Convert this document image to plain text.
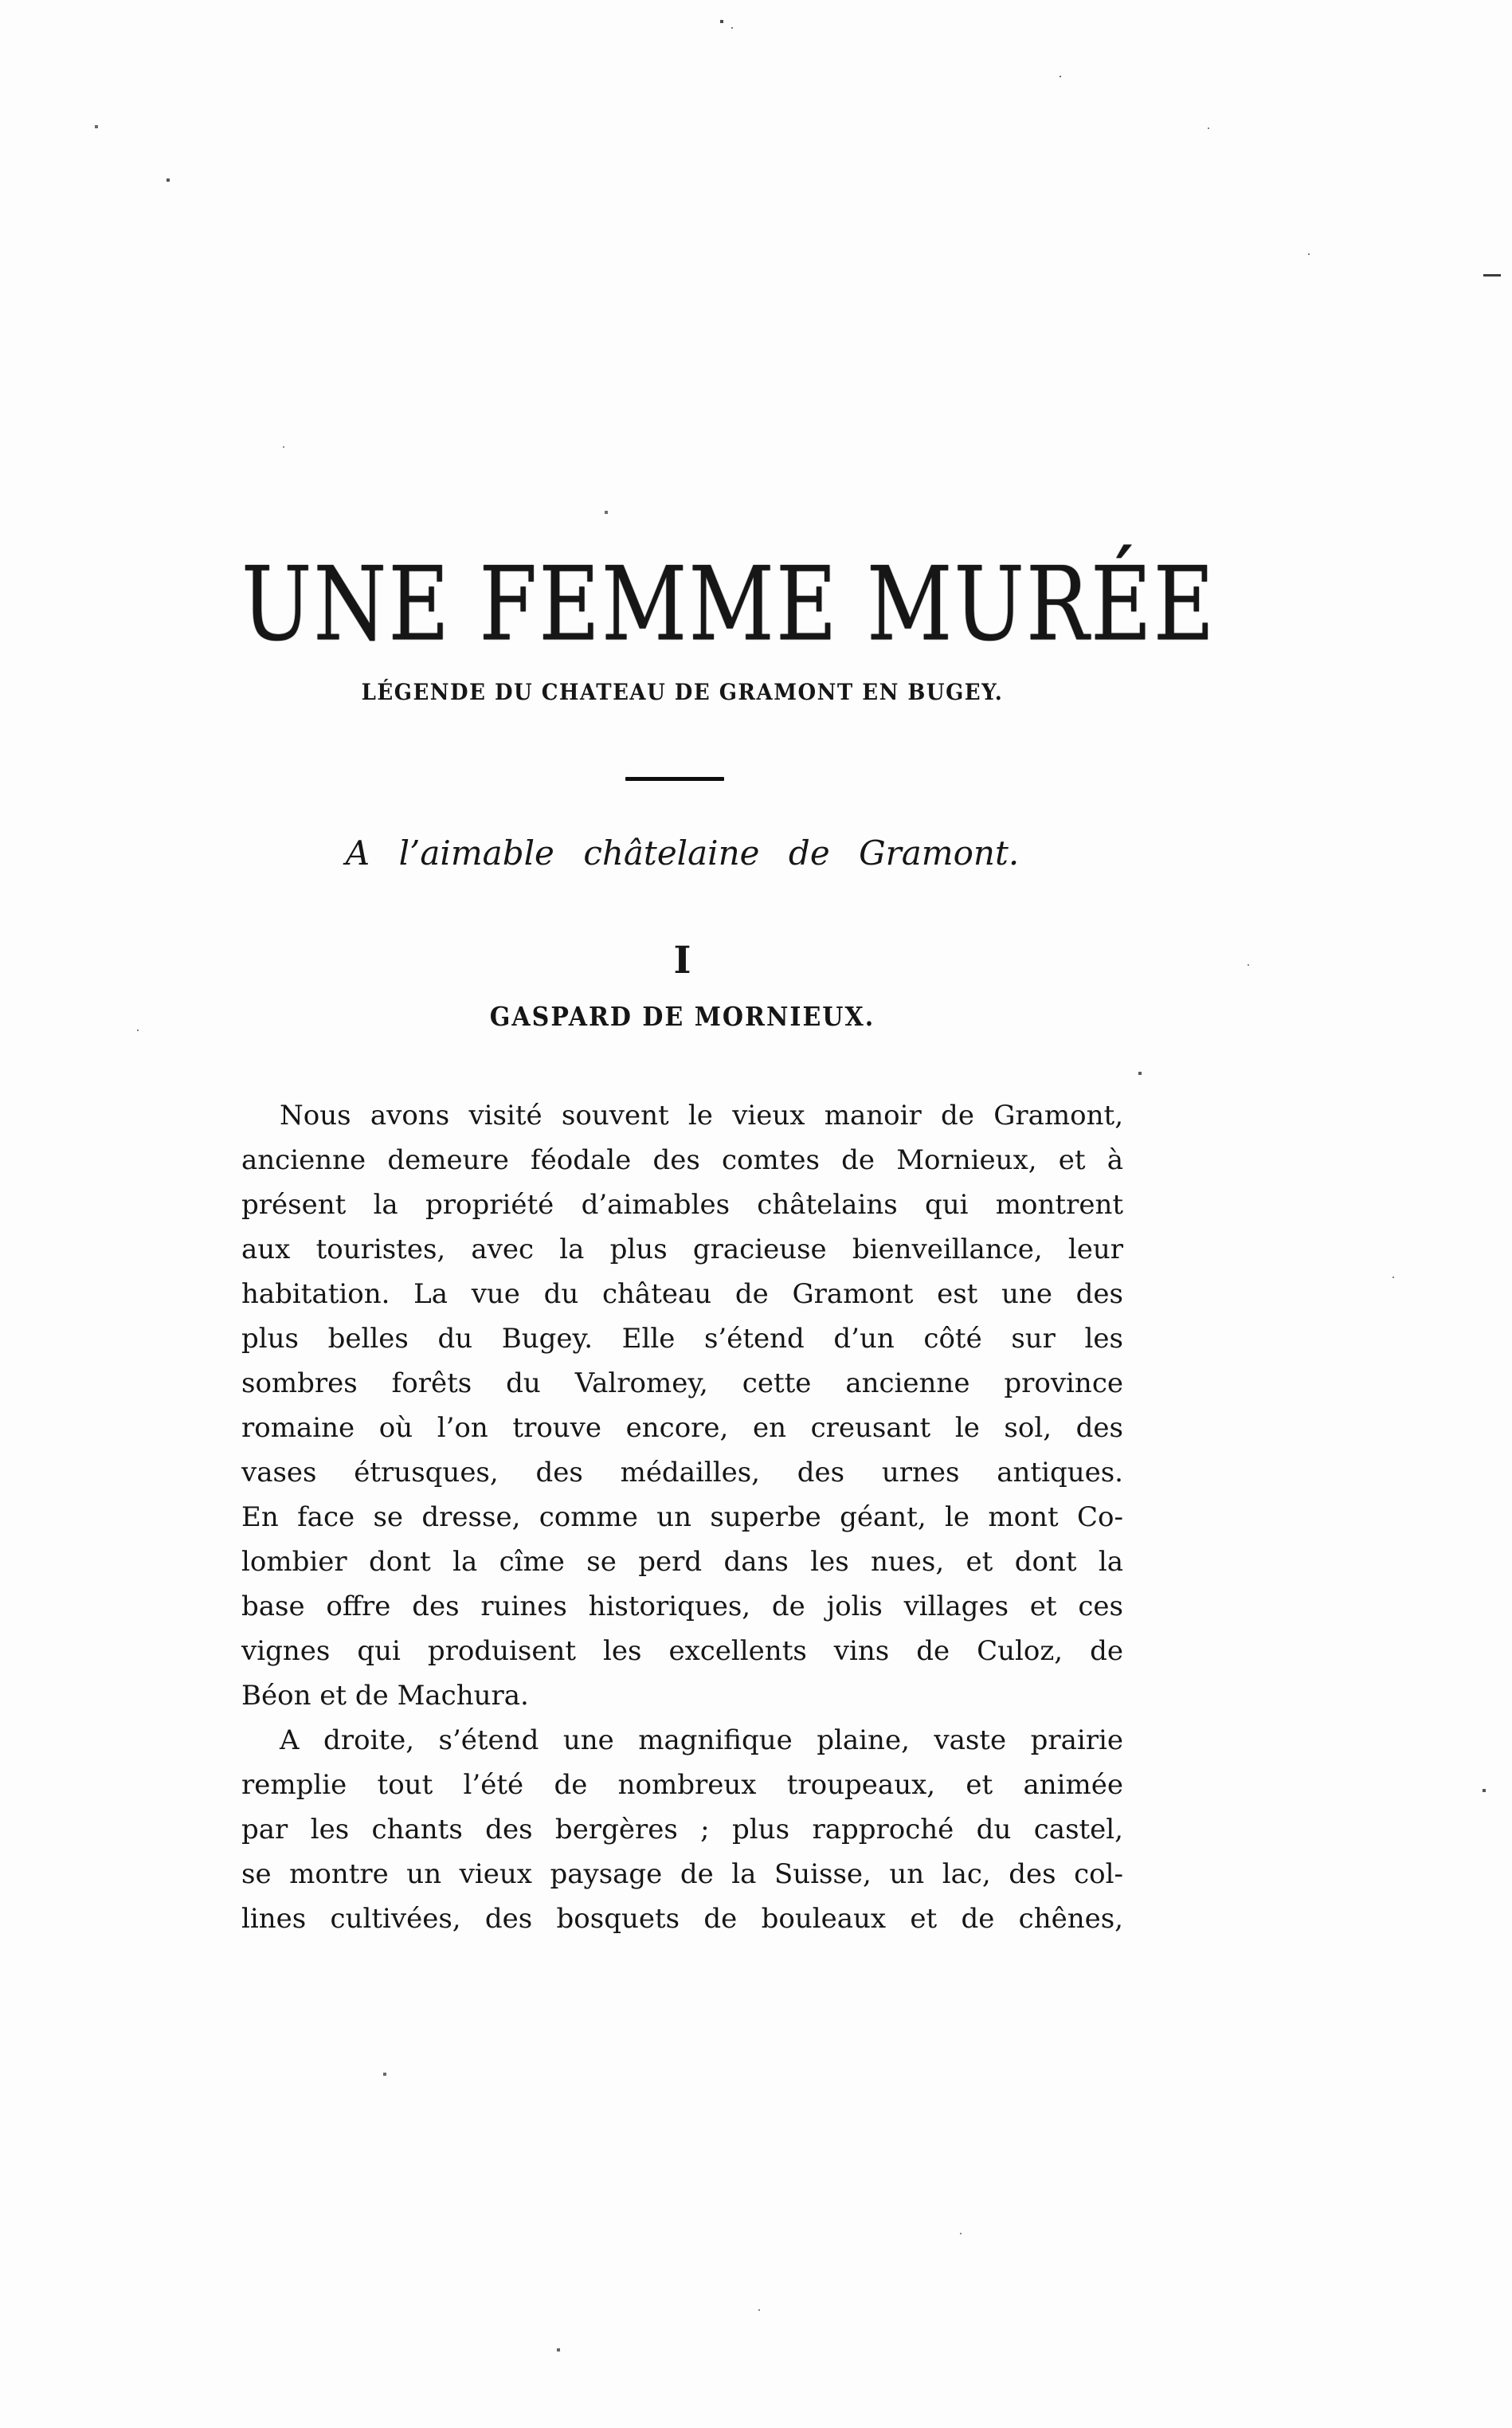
UNE FEMME MURÉE
LÉGENDE DU CHATEAU DE GRAMONT EN BUGEY.
A l’aimable châtelaine de Gramont.
I
GASPARD DE MORNIEUX.
Nous avons visité souvent le vieux manoir de Gramont,
ancienne demeure féodale des comtes de Mornieux, et à
présent la propriété d’aimables châtelains qui montrent
aux touristes, avec la plus gracieuse bienveillance, leur
habitation. La vue du château de Gramont est une des
plus belles du Bugey. Elle s’étend d’un côté sur les
sombres forêts du Valromey, cette ancienne province
romaine où l’on trouve encore, en creusant le sol, des
vases étrusques, des médailles, des urnes antiques.
En face se dresse, comme un superbe géant, le mont Co-
lombier dont la cîme se perd dans les nues, et dont la
base offre des ruines historiques, de jolis villages et ces
vignes qui produisent les excellents vins de Culoz, de
Béon et de Machura.
A droite, s’étend une magnifique plaine, vaste prairie
remplie tout l’été de nombreux troupeaux, et animée
par les chants des bergères ; plus rapproché du castel,
se montre un vieux paysage de la Suisse, un lac, des col-
lines cultivées, des bosquets de bouleaux et de chênes,
